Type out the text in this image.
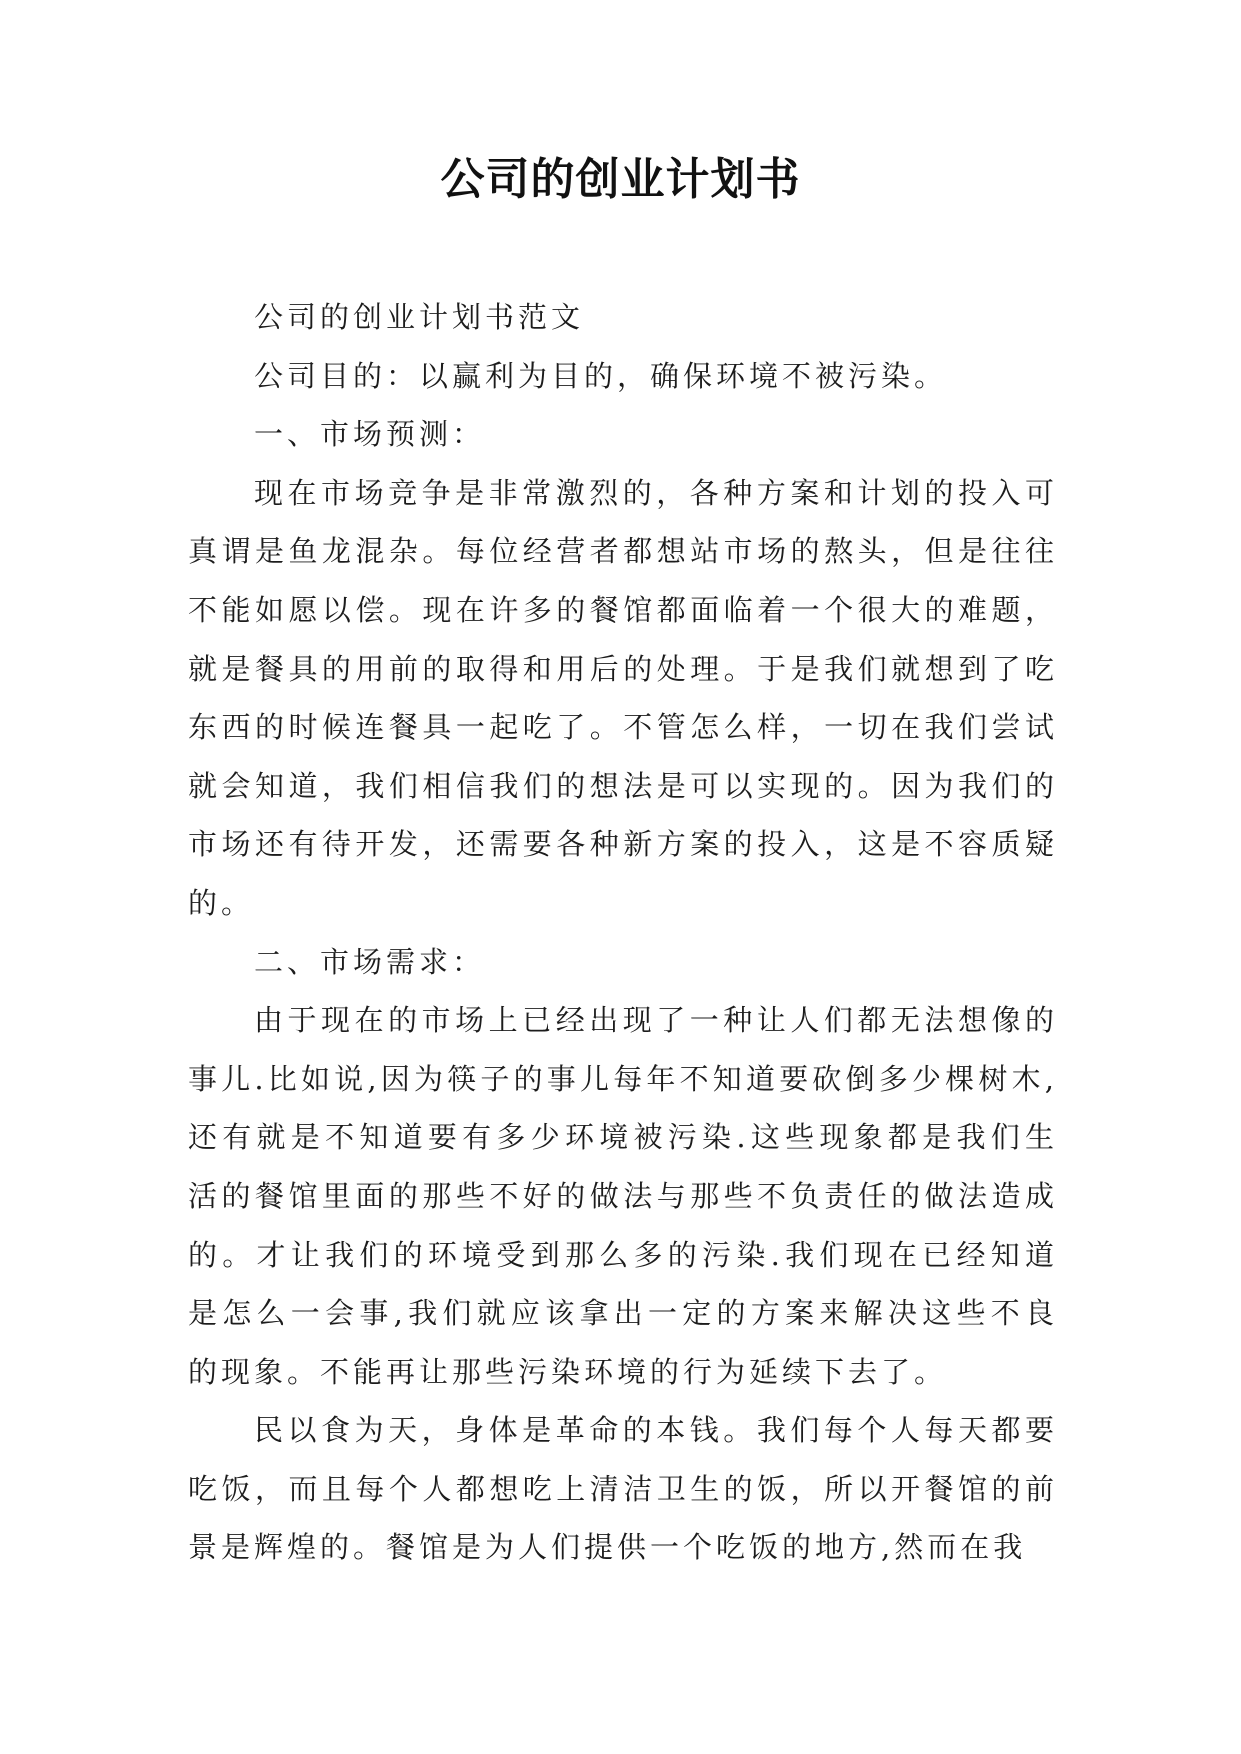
公司的创业计划书

公司的创业计划书范文

公司目的：以赢利为目的，确保环境不被污染。

一、市场预测：

现在市场竞争是非常激烈的，各种方案和计划的投入可真谓是鱼龙混杂。每位经营者都想站市场的熬头，但是往往不能如愿以偿。现在许多的餐馆都面临着一个很大的难题，就是餐具的用前的取得和用后的处理。于是我们就想到了吃东西的时候连餐具一起吃了。不管怎么样，一切在我们尝试就会知道，我们相信我们的想法是可以实现的。因为我们的市场还有待开发，还需要各种新方案的投入，这是不容质疑的。

二、市场需求：

由于现在的市场上已经出现了一种让人们都无法想像的事儿.比如说,因为筷子的事儿每年不知道要砍倒多少棵树木,还有就是不知道要有多少环境被污染.这些现象都是我们生活的餐馆里面的那些不好的做法与那些不负责任的做法造成的。才让我们的环境受到那么多的污染.我们现在已经知道是怎么一会事,我们就应该拿出一定的方案来解决这些不良的现象。不能再让那些污染环境的行为延续下去了。

民以食为天，身体是革命的本钱。我们每个人每天都要吃饭，而且每个人都想吃上清洁卫生的饭，所以开餐馆的前景是辉煌的。餐馆是为人们提供一个吃饭的地方,然而在我
